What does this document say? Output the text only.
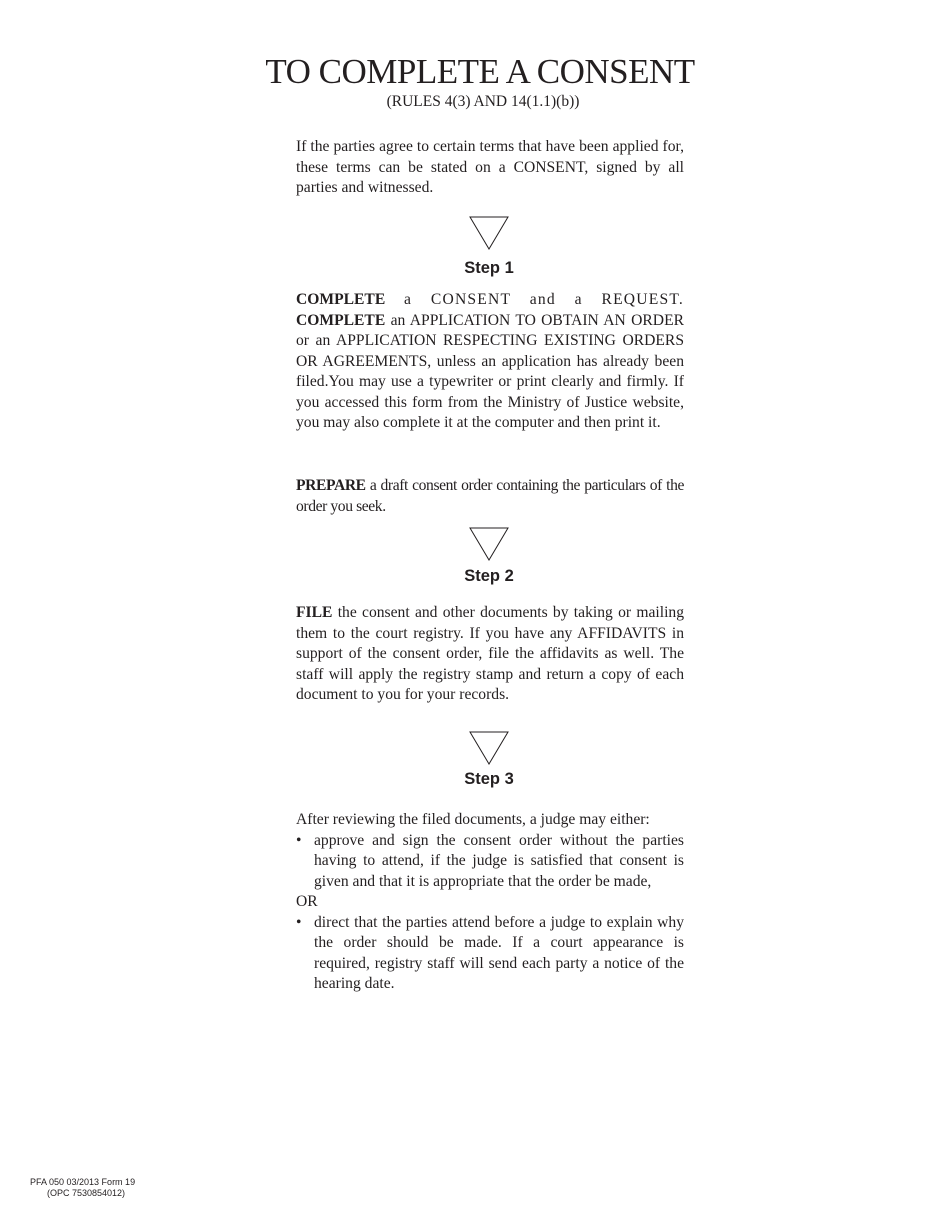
TO COMPLETE A CONSENT
(RULES 4(3) AND 14(1.1)(b))
If the parties agree to certain terms that have been applied for, these terms can be stated on a CONSENT, signed by all parties and witnessed.
Step 1
COMPLETE a CONSENT and a REQUEST. COMPLETE an APPLICATION TO OBTAIN AN ORDER or an APPLICATION RESPECTING EXISTING ORDERS OR AGREEMENTS, unless an application has already been filed.You may use a typewriter or print clearly and firmly. If you accessed this form from the Ministry of Justice website, you may also complete it at the computer and then print it.
PREPARE a draft consent order containing the particulars of the order you seek.
Step 2
FILE the consent and other documents by taking or mailing them to the court registry. If you have any AFFIDAVITS in support of the consent order, file the affidavits as well. The staff will apply the registry stamp and return a copy of each document to you for your records.
Step 3
After reviewing the filed documents, a judge may either:
• approve and sign the consent order without the parties having to attend, if the judge is satisfied that consent is given and that it is appropriate that the order be made,
OR
• direct that the parties attend before a judge to explain why the order should be made. If a court appearance is required, registry staff will send each party a notice of the hearing date.
PFA 050 03/2013 Form 19
(OPC 7530854012)
